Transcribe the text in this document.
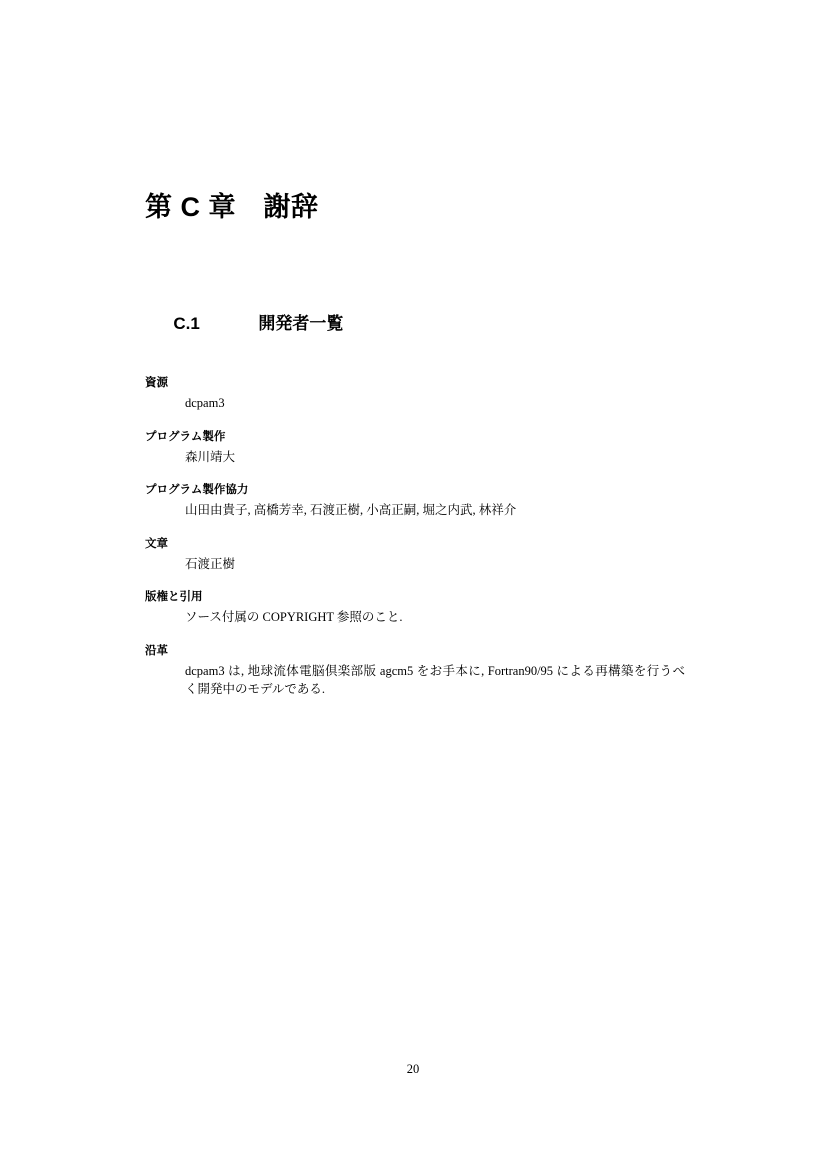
第 C 章　謝辞

C.1			開発者一覧

資源
dcpam3
プログラム製作
森川靖大
プログラム製作協力
山田由貴子, 高橋芳幸, 石渡正樹, 小高正嗣, 堀之内武, 林祥介
文章
石渡正樹
版権と引用
ソース付属の COPYRIGHT 参照のこと.
沿革
dcpam3 は, 地球流体電脳倶楽部版 agcm5 をお手本に, Fortran90/95 による再構築を行うべく開発中のモデルである.
20
